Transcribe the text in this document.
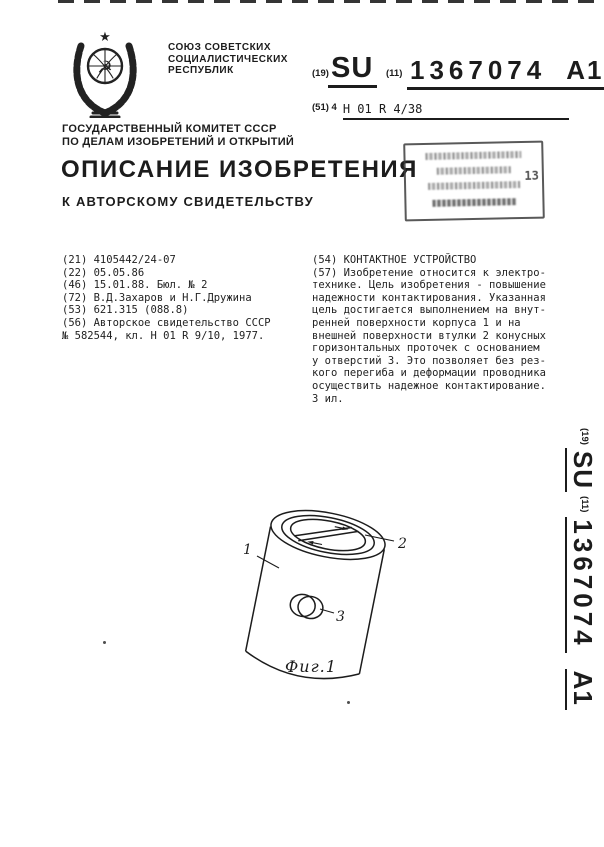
★
☭
СОЮЗ СОВЕТСКИХ
СОЦИАЛИСТИЧЕСКИХ
РЕСПУБЛИК	(19) SU	(11) 1367074 A1
(51) 4 H 01 R 4/38
ГОСУДАРСТВЕННЫЙ КОМИТЕТ СССР
ПО ДЕЛАМ ИЗОБРЕТЕНИЙ И ОТКРЫТИЙ
ОПИСАНИЕ ИЗОБРЕТЕНИЯ
К АВТОРСКОМУ СВИДЕТЕЛЬСТВУ
13
(21) 4105442/24-07
(22) 05.05.86
(46) 15.01.88. Бюл. № 2
(72) В.Д.Захаров и Н.Г.Дружина
(53) 621.315 (088.8)
(56) Авторское свидетельство СССР
№ 582544, кл. Н 01 R 9/10, 1977.
(54) КОНТАКТНОЕ УСТРОЙСТВО
(57) Изобретение относится к электро-
технике. Цель изобретения - повышение
надежности контактирования. Указанная
цель достигается выполнением на внут-
ренней поверхности корпуса 1 и на
внешней поверхности втулки 2 конусных
горизонтальных проточек с основанием
у отверстий 3. Это позволяет без рез-
кого перегиба и деформации проводника
осуществить надежное контактирование.
3 ил.
1	2
3
Фиг.1
$^{(19)}$SU$^{(11)}$1367074A1
